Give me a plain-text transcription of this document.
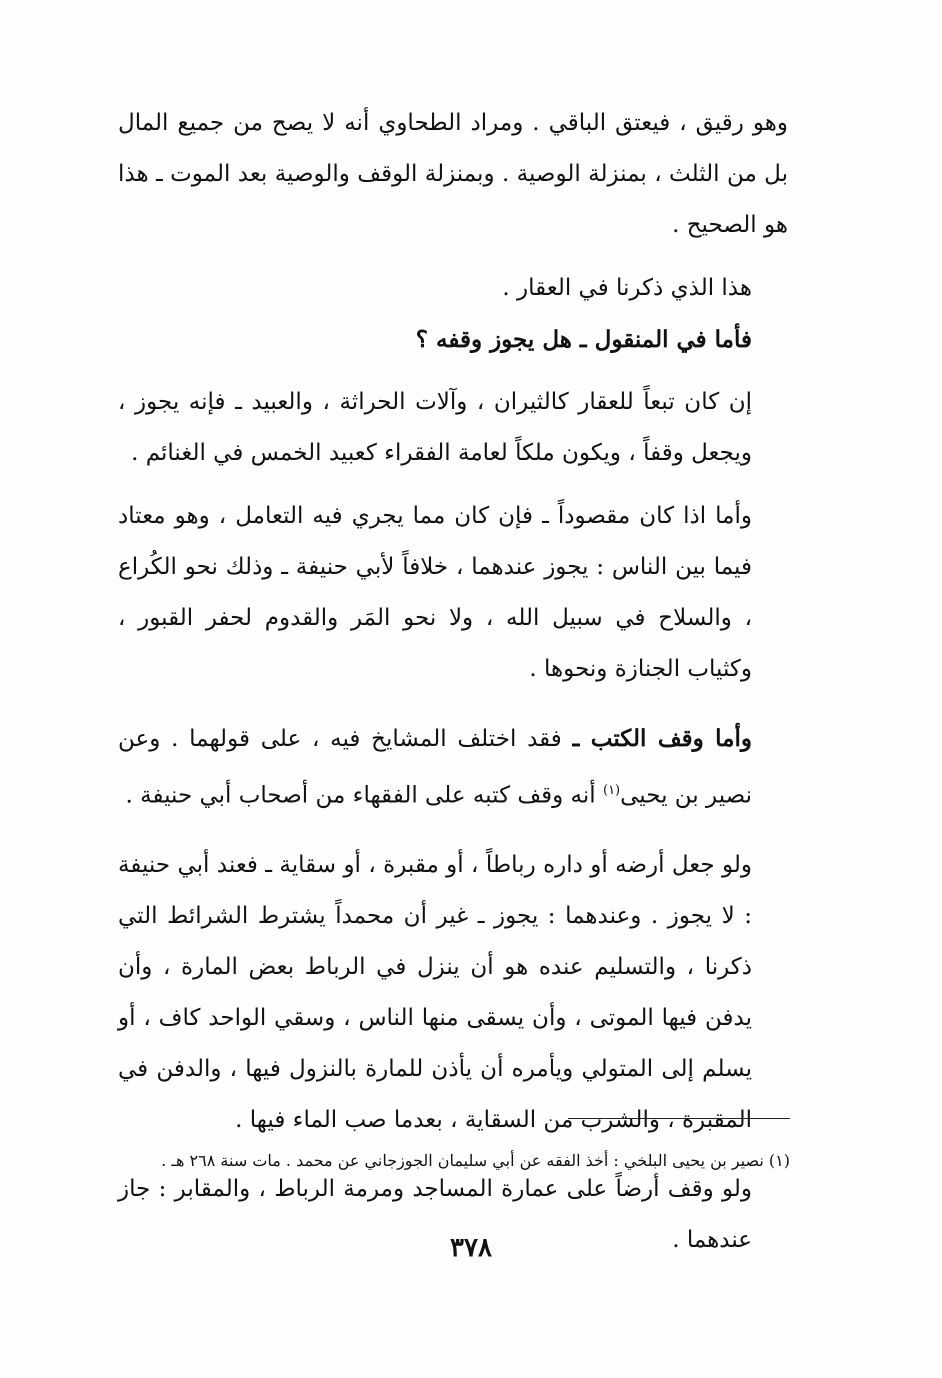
وهو رقيق ، فيعتق الباقي . ومراد الطحاوي أنه لا يصح من جميع المال بل من الثلث ، بمنزلة الوصية . وبمنزلة الوقف والوصية بعد الموت ـ هذا هو الصحيح .

هذا الذي ذكرنا في العقار .

فأما في المنقول ـ هل يجوز وقفه ؟

إن كان تبعاً للعقار كالثيران ، وآلات الحراثة ، والعبيد ـ فإنه يجوز ، ويجعل وقفاً ، ويكون ملكاً لعامة الفقراء كعبيد الخمس في الغنائم .

وأما اذا كان مقصوداً ـ فإن كان مما يجري فيه التعامل ، وهو معتاد فيما بين الناس : يجوز عندهما ، خلافاً لأبي حنيفة ـ وذلك نحو الكُراع ، والسلاح في سبيل الله ، ولا نحو المَر والقدوم لحفر القبور ، وكثياب الجنازة ونحوها .

وأما وقف الكتب ـ فقد اختلف المشايخ فيه ، على قولهما . وعن نصير بن يحيى$^{(١)}$ أنه وقف كتبه على الفقهاء من أصحاب أبي حنيفة .

ولو جعل أرضه أو داره رباطاً ، أو مقبرة ، أو سقاية ـ فعند أبي حنيفة : لا يجوز . وعندهما : يجوز ـ غير أن محمداً يشترط الشرائط التي ذكرنا ، والتسليم عنده هو أن ينزل في الرباط بعض المارة ، وأن يدفن فيها الموتى ، وأن يسقى منها الناس ، وسقي الواحد كاف ، أو يسلم إلى المتولي ويأمره أن يأذن للمارة بالنزول فيها ، والدفن في المقبرة ، والشرب من السقاية ، بعدما صب الماء فيها .

ولو وقف أرضاً على عمارة المساجد ومرمة الرباط ، والمقابر : جاز عندهما .

(١) نصير بن يحيى البلخي : أخذ الفقه عن أبي سليمان الجوزجاني عن محمد . مات سنة ٢٦٨ هـ .
٣٧٨
